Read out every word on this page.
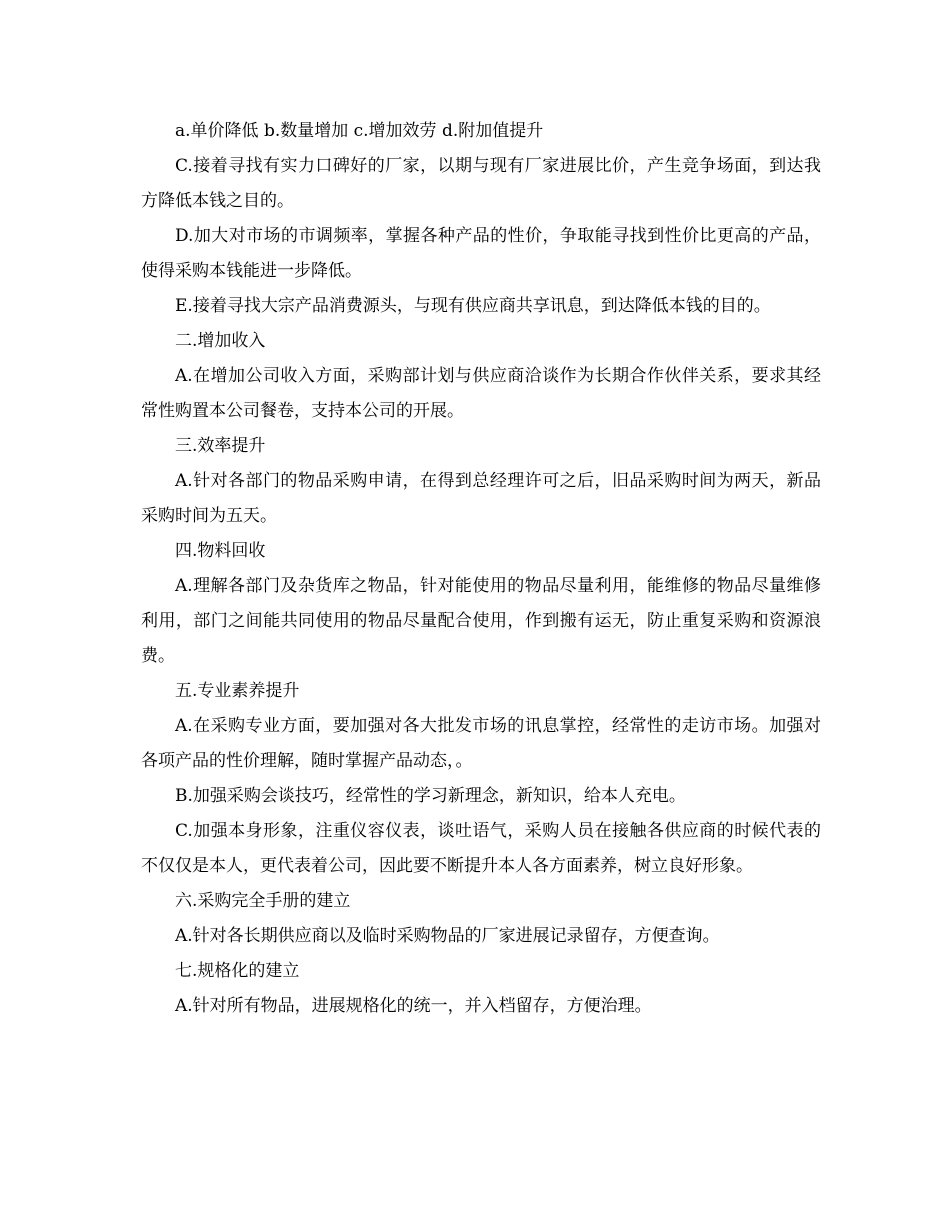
a.单价降低 b.数量增加 c.增加效劳 d.附加值提升

C.接着寻找有实力口碑好的厂家，以期与现有厂家进展比价，产生竞争场面，到达我方降低本钱之目的。

D.加大对市场的市调频率，掌握各种产品的性价，争取能寻找到性价比更高的产品，使得采购本钱能进一步降低。

E.接着寻找大宗产品消费源头，与现有供应商共享讯息，到达降低本钱的目的。

二.增加收入

A.在增加公司收入方面，采购部计划与供应商洽谈作为长期合作伙伴关系，要求其经常性购置本公司餐卷，支持本公司的开展。

三.效率提升

A.针对各部门的物品采购申请，在得到总经理许可之后，旧品采购时间为两天，新品采购时间为五天。

四.物料回收

A.理解各部门及杂货库之物品，针对能使用的物品尽量利用，能维修的物品尽量维修利用，部门之间能共同使用的物品尽量配合使用，作到搬有运无，防止重复采购和资源浪费。

五.专业素养提升

A.在采购专业方面，要加强对各大批发市场的讯息掌控，经常性的走访市场。加强对各项产品的性价理解，随时掌握产品动态，。

B.加强采购会谈技巧，经常性的学习新理念，新知识，给本人充电。

C.加强本身形象，注重仪容仪表，谈吐语气，采购人员在接触各供应商的时候代表的不仅仅是本人，更代表着公司，因此要不断提升本人各方面素养，树立良好形象。

六.采购完全手册的建立

A.针对各长期供应商以及临时采购物品的厂家进展记录留存，方便查询。

七.规格化的建立

A.针对所有物品，进展规格化的统一，并入档留存，方便治理。
